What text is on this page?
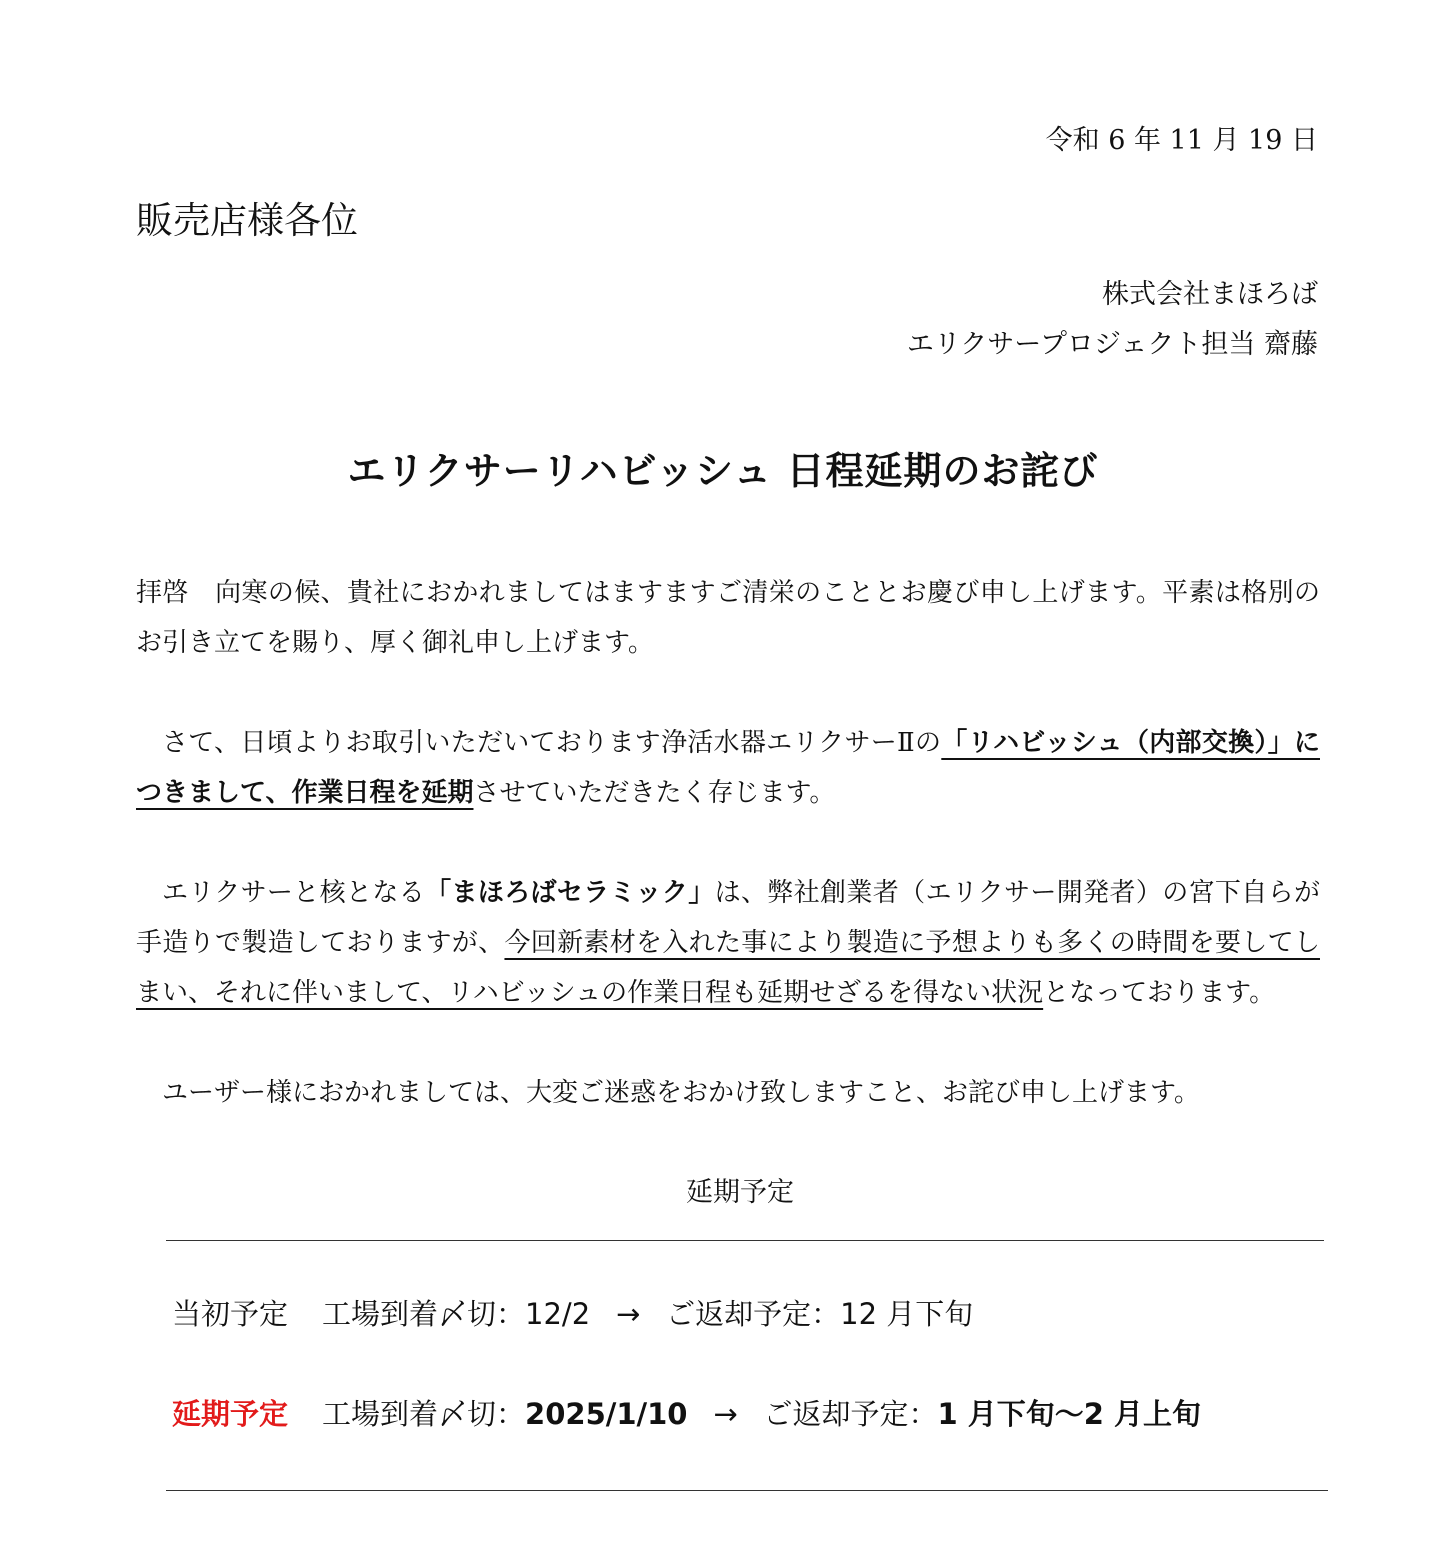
令和 6 年 11 月 19 日
販売店様各位
株式会社まほろば
エリクサープロジェクト担当 齋藤
エリクサーリハビッシュ 日程延期のお詫び
拝啓　向寒の候、貴社におかれましてはますますご清栄のこととお慶び申し上げます。平素は格別のお引き立てを賜り、厚く御礼申し上げます。
さて、日頃よりお取引いただいております浄活水器エリクサーⅡの「リハビッシュ（内部交換）」につきまして、作業日程を延期させていただきたく存じます。
エリクサーと核となる「まほろばセラミック」は、弊社創業者（エリクサー開発者）の宮下自らが手造りで製造しておりますが、今回新素材を入れた事により製造に予想よりも多くの時間を要してしまい、それに伴いまして、リハビッシュの作業日程も延期せざるを得ない状況となっております。
ユーザー様におかれましては、大変ご迷惑をおかけ致しますこと、お詫び申し上げます。
延期予定
当初予定 工場到着〆切：12/2 → ご返却予定：12 月下旬
延期予定 工場到着〆切：2025/1/10 → ご返却予定：1 月下旬～2 月上旬
